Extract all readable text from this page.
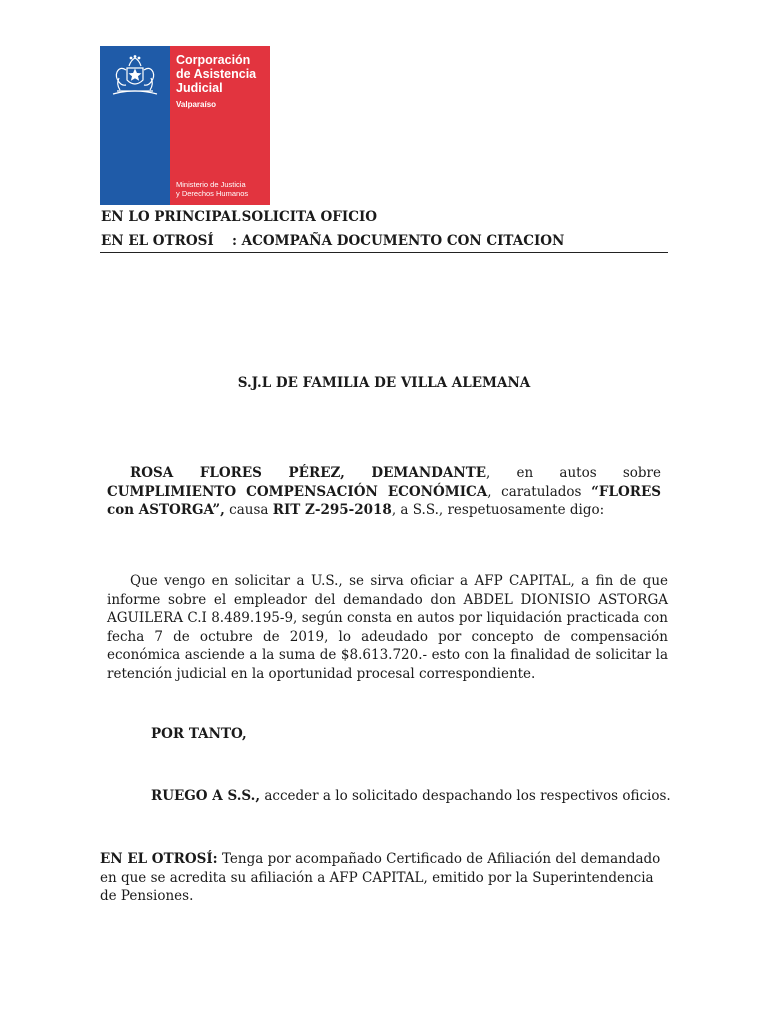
Corporación
de Asistencia
Judicial
Valparaíso
Ministerio de Justicia
y Derechos Humanos
EN LO PRINCIPAL: SOLICITA OFICIO
EN EL OTROSÍ : ACOMPAÑA DOCUMENTO CON CITACION
S.J.L DE FAMILIA DE VILLA ALEMANA
ROSA FLORES PÉREZ, DEMANDANTE, en autos sobre CUMPLIMIENTO COMPENSACIÓN ECONÓMICA, caratulados “FLORES con ASTORGA”, causa RIT Z-295-2018, a S.S., respetuosamente digo:
Que vengo en solicitar a U.S., se sirva oficiar a AFP CAPITAL, a fin de que informe sobre el empleador del demandado don ABDEL DIONISIO ASTORGA AGUILERA C.I 8.489.195-9, según consta en autos por liquidación practicada con fecha 7 de octubre de 2019, lo adeudado por concepto de compensación económica asciende a la suma de $8.613.720.- esto con la finalidad de solicitar la retención judicial en la oportunidad procesal correspondiente.
POR TANTO,
RUEGO A S.S., acceder a lo solicitado despachando los respectivos oficios.
EN EL OTROSÍ: Tenga por acompañado Certificado de Afiliación del demandado en que se acredita su afiliación a AFP CAPITAL, emitido por la Superintendencia de Pensiones.
